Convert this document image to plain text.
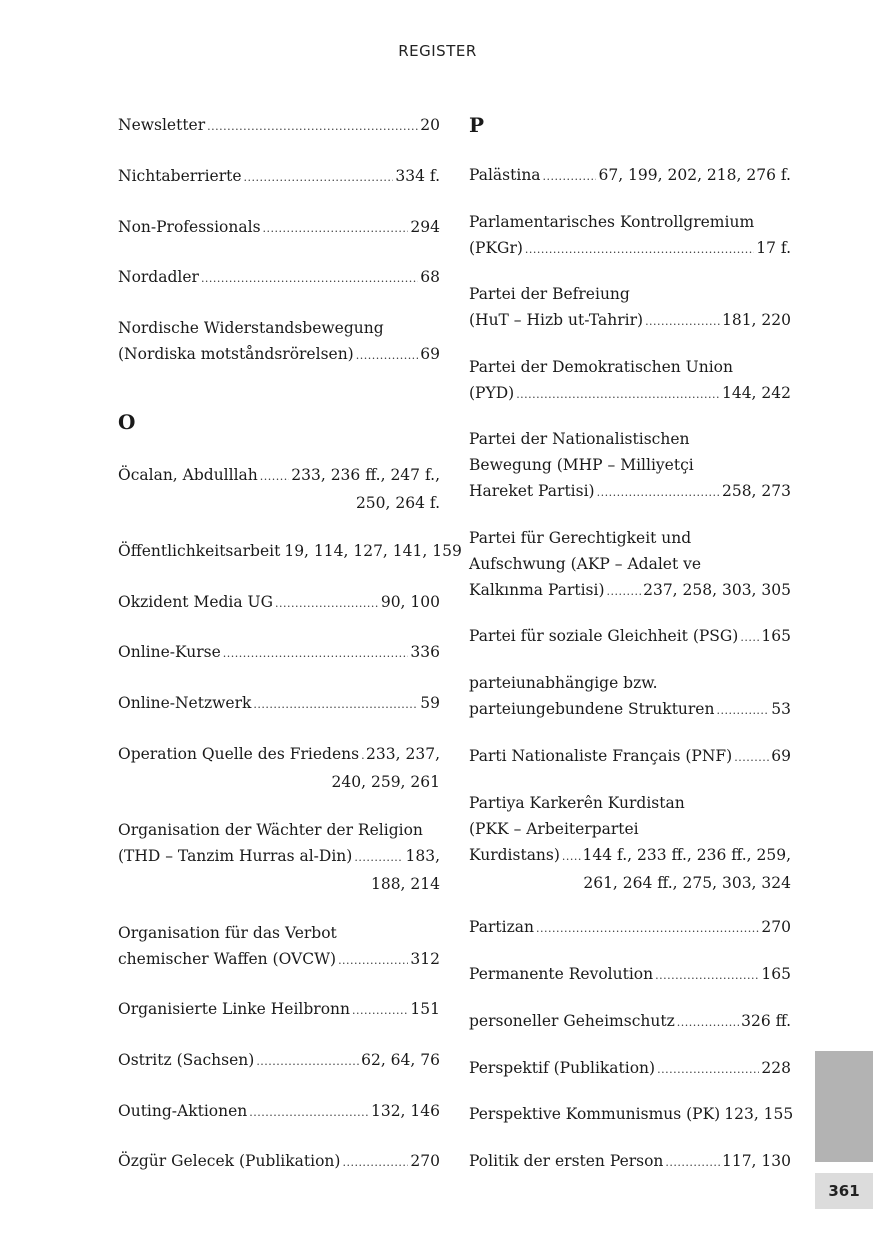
REGISTER
Newsletter .....	20
Nichtaberrierte .....	334 f.
Non-Professionals .....	294
Nordadler .....	68
Nordische Widerstandsbewegung
(Nordiska motståndsrörelsen) .....	69
O
Öcalan, Abdulllah ..... 233, 236 ff., 247 f.,
250, 264 f.
Öffentlichkeitsarbeit 19, 114, 127, 141, 159
Okzident Media UG .....	90, 100
Online-Kurse .....	336
Online-Netzwerk .....	59
Operation Quelle des Friedens ..... 233, 237,
240, 259, 261
Organisation der Wächter der Religion
(THD – Tanzim Hurras al-Din) .....	183,
188, 214
Organisation für das Verbot
chemischer Waffen (OVCW) .....	312
Organisierte Linke Heilbronn .....	151
Ostritz (Sachsen) .....	62, 64, 76
Outing-Aktionen .....	132, 146
Özgür Gelecek (Publikation) .....	270
P
Palästina .....	67, 199, 202, 218, 276 f.
Parlamentarisches Kontrollgremium
(PKGr) .....	17 f.
Partei der Befreiung
(HuT – Hizb ut-Tahrir) .....	181, 220
Partei der Demokratischen Union
(PYD) .....	144, 242
Partei der Nationalistischen
Bewegung (MHP – Milliyetçi
Hareket Partisi) .....	258, 273
Partei für Gerechtigkeit und
Aufschwung (AKP – Adalet ve
Kalkınma Partisi) ..... 237, 258, 303, 305
Partei für soziale Gleichheit (PSG) ..... 165
parteiunabhängige bzw.
parteiungebundene Strukturen .....	53
Parti Nationaliste Français (PNF) .....	69
Partiya Karkerên Kurdistan
(PKK – Arbeiterpartei
Kurdistans) ..... 144 f., 233 ff., 236 ff., 259,
261, 264 ff., 275, 303, 324
Partizan .....	270
Permanente Revolution .....	165
personeller Geheimschutz .....	326 ff.
Perspektif (Publikation) .....	228
Perspektive Kommunismus (PK) 123, 155
Politik der ersten Person .....	117, 130
361
